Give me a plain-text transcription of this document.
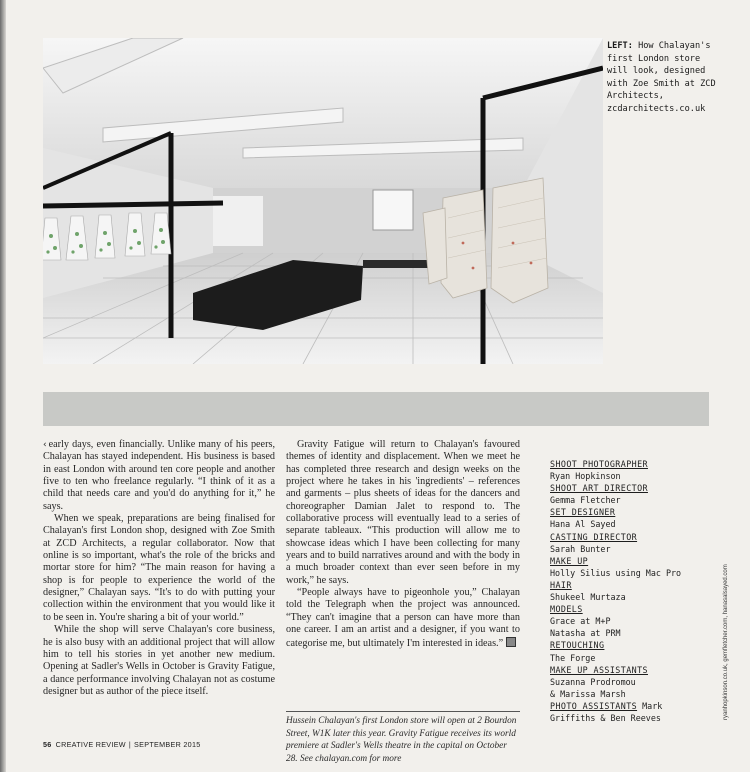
LEFT: How Chalayan's first London store will look, designed with Zoe Smith at ZCD Architects, zcdarchitects.co.uk

‹ early days, even financially. Unlike many of his peers, Chalayan has stayed independent. His business is based in east London with around ten core people and another five to ten who freelance regularly. “I think of it as a child that needs care and you'd do anything for it,” he says.

When we speak, preparations are being finalised for Chalayan's first London shop, designed with Zoe Smith at ZCD Architects, a regular collaborator. Now that online is so important, what's the role of the bricks and mortar store for him? “The main reason for having a shop is for people to experience the world of the designer,” Chalayan says. “It's to do with putting your collection within the environment that you would like it to be seen in. You're sharing a bit of your world.”

While the shop will serve Chalayan's core business, he is also busy with an additional project that will allow him to tell his stories in yet another new medium. Opening at Sadler's Wells in October is Gravity Fatigue, a dance performance involving Chalayan not as costume designer but as author of the piece itself.

Gravity Fatigue will return to Chalayan's favoured themes of identity and displacement. When we meet he has completed three research and design weeks on the project where he takes in his 'ingredients' – references and garments – plus sheets of ideas for the dancers and choreographer Damian Jalet to respond to. The collaborative process will eventually lead to a series of separate tableaux. “This production will allow me to showcase ideas which I have been collecting for many years and to build narratives around and with the body in a much broader context than ever seen before in my work,” he says.

“People always have to pigeonhole you,” Chalayan told the Telegraph when the project was announced. “They can't imagine that a person can have more than one career. I am an artist and a designer, if you want to categorise me, but ultimately I'm interested in ideas.”

Hussein Chalayan's first London store will open at 2 Bourdon Street, W1K later this year. Gravity Fatigue receives its world premiere at Sadler's Wells theatre in the capital on October 28. See chalayan.com for more

SHOOT PHOTOGRAPHER
Ryan Hopkinson
SHOOT ART DIRECTOR
Gemma Fletcher
SET DESIGNER
Hana Al Sayed
CASTING DIRECTOR
Sarah Bunter
MAKE UP
Holly Silius using Mac Pro
HAIR
Shukeel Murtaza
MODELS
Grace at M+P
Natasha at PRM
RETOUCHING
The Forge
MAKE UP ASSISTANTS
Suzanna Prodromou
& Marissa Marsh
PHOTO ASSISTANTS Mark
Griffiths & Ben Reeves	ryanhopkinson.co.uk, gemfletcher.com, hanasalsayed.com
56 CREATIVE REVIEW | SEPTEMBER 2015
